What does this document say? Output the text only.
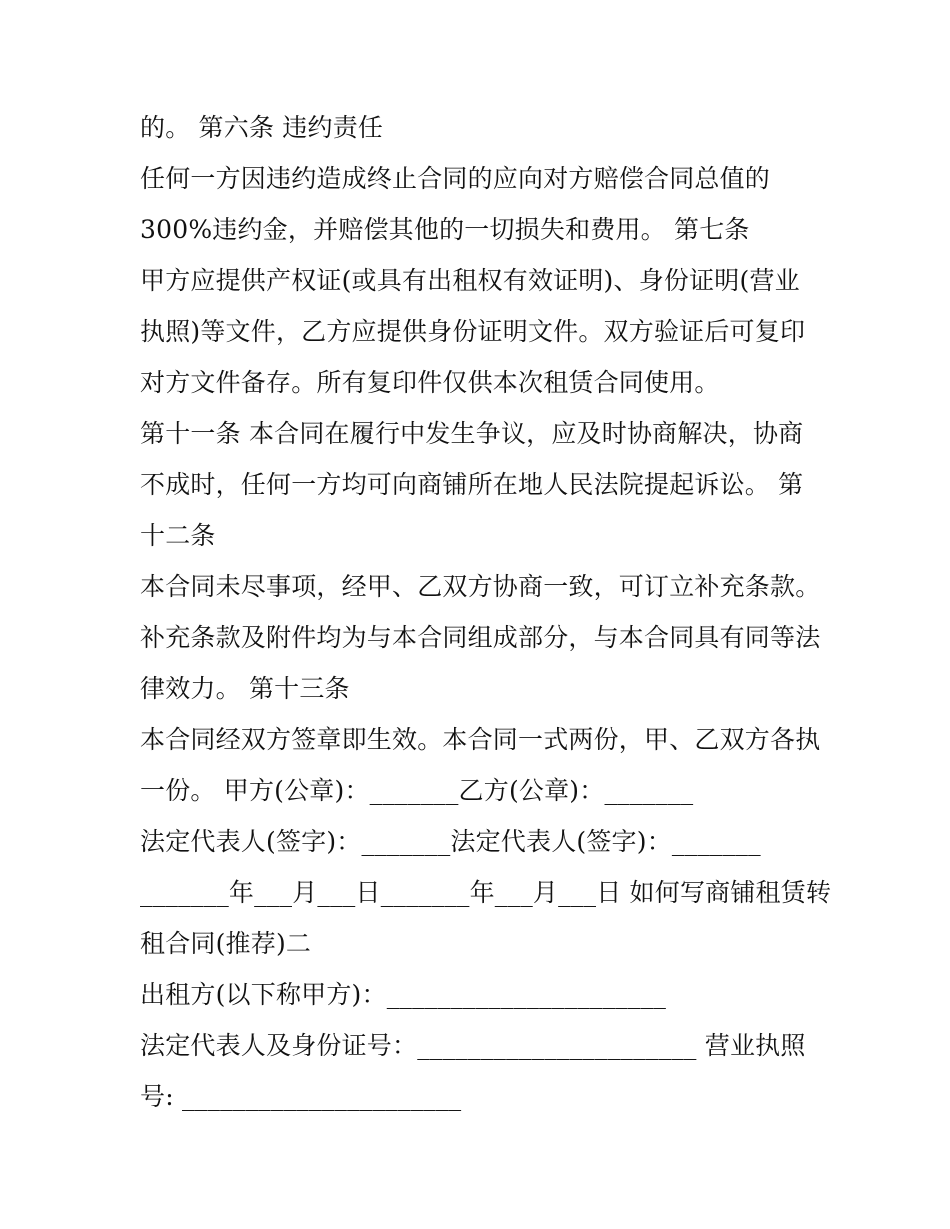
的。 第六条 违约责任
任何一方因违约造成终止合同的应向对方赔偿合同总值的
300%违约金，并赔偿其他的一切损失和费用。 第七条
甲方应提供产权证(或具有出租权有效证明)、身份证明(营业
执照)等文件，乙方应提供身份证明文件。双方验证后可复印
对方文件备存。所有复印件仅供本次租赁合同使用。
第十一条 本合同在履行中发生争议，应及时协商解决，协商
不成时，任何一方均可向商铺所在地人民法院提起诉讼。 第
十二条
本合同未尽事项，经甲、乙双方协商一致，可订立补充条款。
补充条款及附件均为与本合同组成部分，与本合同具有同等法
律效力。 第十三条
本合同经双方签章即生效。本合同一式两份，甲、乙双方各执
一份。 甲方(公章)：_______乙方(公章)：_______
法定代表人(签字)：_______法定代表人(签字)：_______
_______年___月___日_______年___月___日 如何写商铺租赁转
租合同(推荐)二
出租方(以下称甲方)：______________________
法定代表人及身份证号：______________________ 营业执照
号: ______________________
